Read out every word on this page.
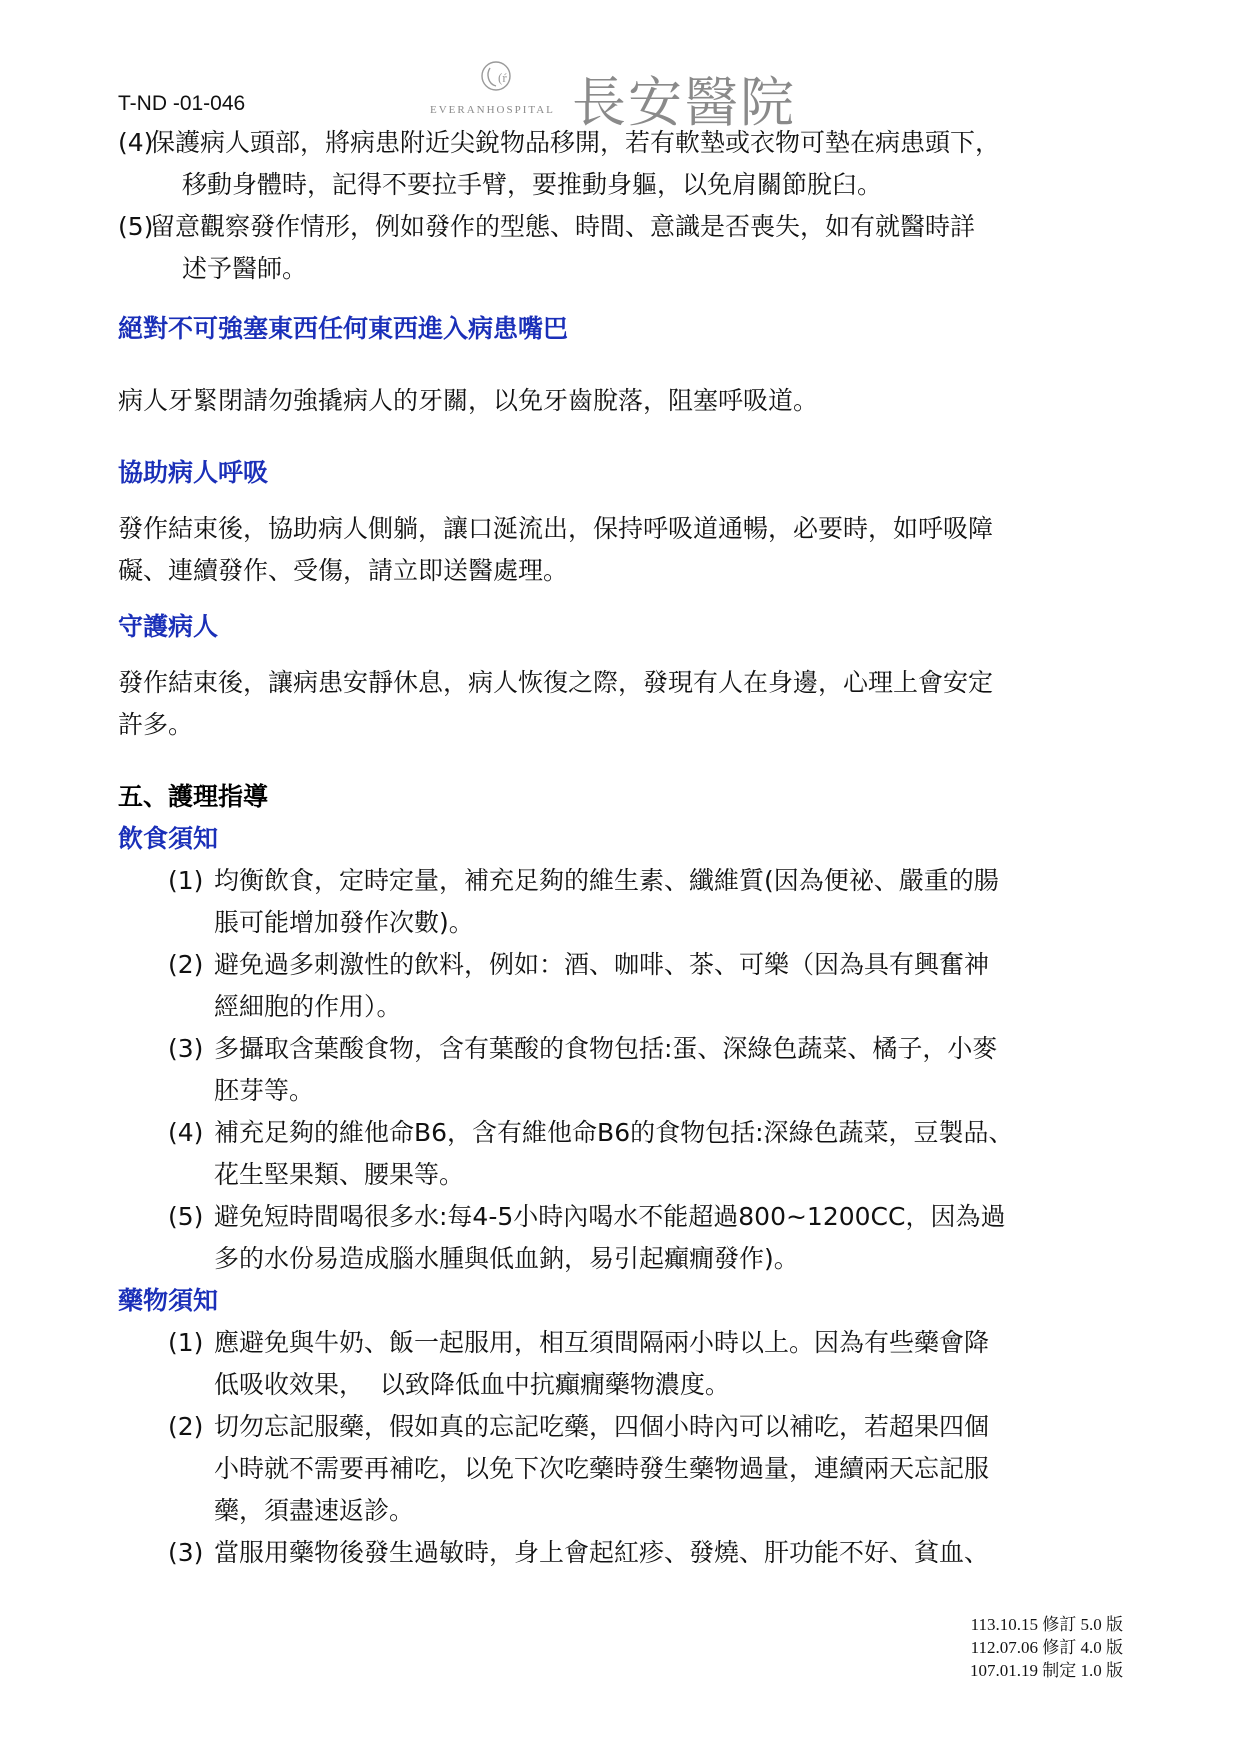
T-ND -01-046
(ŕ
EVERANHOSPITAL 長安醫院
(4)
保護病人頭部，將病患附近尖銳物品移開，若有軟墊或衣物可墊在病患頭下，
移動身體時，記得不要拉手臂，要推動身軀，以免肩關節脫臼。
(5)
留意觀察發作情形，例如發作的型態、時間、意識是否喪失，如有就醫時詳
述予醫師。
絕對不可強塞東西任何東西進入病患嘴巴
病人牙緊閉請勿強撬病人的牙關，以免牙齒脫落，阻塞呼吸道。
協助病人呼吸
發作結束後，協助病人側躺，讓口涎流出，保持呼吸道通暢，必要時，如呼吸障
礙、連續發作、受傷，請立即送醫處理。
守護病人
發作結束後，讓病患安靜休息，病人恢復之際，發現有人在身邊，心理上會安定
許多。
五、護理指導
飲食須知
(1) 均衡飲食，定時定量，補充足夠的維生素、纖維質(因為便祕、嚴重的腸
脹可能增加發作次數)。
(2) 避免過多刺激性的飲料，例如：酒、咖啡、茶、可樂（因為具有興奮神
經細胞的作用）。
(3) 多攝取含葉酸食物，含有葉酸的食物包括:蛋、深綠色蔬菜、橘子，小麥
胚芽等。
(4) 補充足夠的維他命B6，含有維他命B6的食物包括:深綠色蔬菜，豆製品、
花生堅果類、腰果等。
(5) 避免短時間喝很多水:每4-5小時內喝水不能超過800~1200CC，因為過
多的水份易造成腦水腫與低血鈉，易引起癲癇發作)。
藥物須知
(1) 應避免與牛奶、飯一起服用，相互須間隔兩小時以上。因為有些藥會降
低吸收效果，  以致降低血中抗癲癇藥物濃度。
(2) 切勿忘記服藥，假如真的忘記吃藥，四個小時內可以補吃，若超果四個
小時就不需要再補吃，以免下次吃藥時發生藥物過量，連續兩天忘記服
藥，須盡速返診。
(3) 當服用藥物後發生過敏時，身上會起紅疹、發燒、肝功能不好、貧血、
113.10.15 修訂 5.0 版
112.07.06 修訂 4.0 版
107.01.19 制定 1.0 版
